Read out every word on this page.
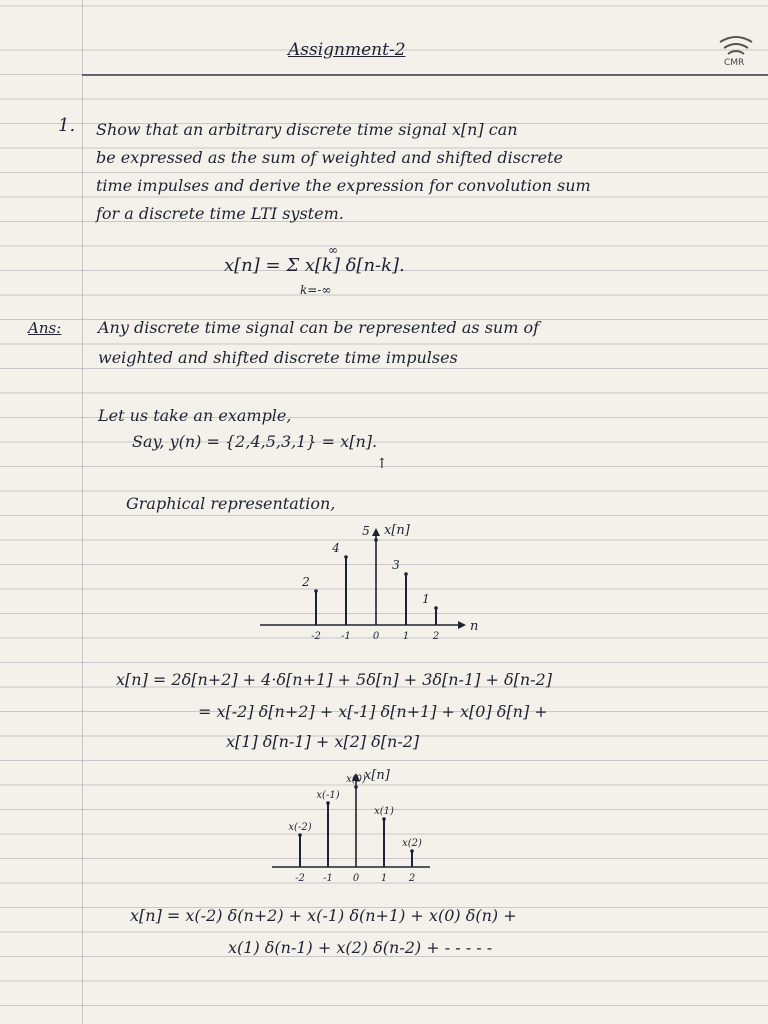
CMR

Assignment-2

1. Show that an arbitrary discrete time signal x[n] can

be expressed as the sum of weighted and shifted discrete

time impulses and derive the expression for convolution sum

for a discrete time LTI system.

∞

x[n] = Σ x[k] δ[n-k].

k=-∞

Ans: Any discrete time signal can be represented as sum of

weighted and shifted discrete time impulses

Let us take an example,

Say, y(n) = {2,4,5,3,1} = x[n].

↑

Graphical representation,

x[n]
n
2
-2
4
-1
5
0
3
1
1
2

x[n] = 2δ[n+2] + 4·δ[n+1] + 5δ[n] + 3δ[n-1] + δ[n-2]

= x[-2] δ[n+2] + x[-1] δ[n+1] + x[0] δ[n] +

x[1] δ[n-1] + x[2] δ[n-2]

x[n]
x(-2)
-2
x(-1)
-1
x(0)
0
x(1)
1
x(2)
2

x[n] = x(-2) δ(n+2) + x(-1) δ(n+1) + x(0) δ(n) +

x(1) δ(n-1) + x(2) δ(n-2) + - - - - -
